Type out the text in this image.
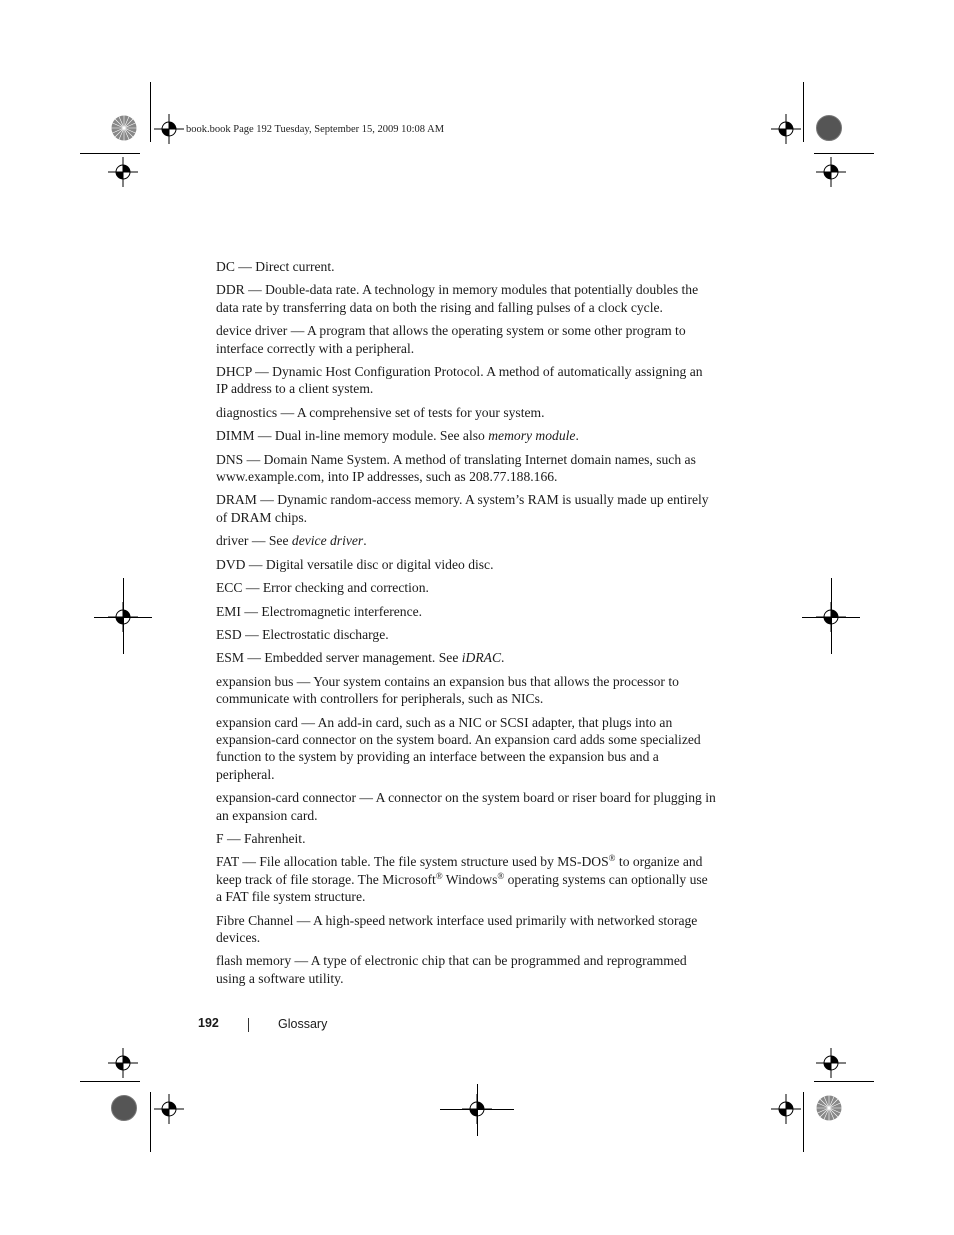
book.book Page 192 Tuesday, September 15, 2009 10:08 AM

DC — Direct current.

DDR — Double-data rate. A technology in memory modules that potentially doubles the data rate by transferring data on both the rising and falling pulses of a clock cycle.

device driver — A program that allows the operating system or some other program to interface correctly with a peripheral.

DHCP — Dynamic Host Configuration Protocol. A method of automatically assigning an IP address to a client system.

diagnostics — A comprehensive set of tests for your system.

DIMM — Dual in-line memory module. See also memory module.

DNS — Domain Name System. A method of translating Internet domain names, such as www.example.com, into IP addresses, such as 208.77.188.166.

DRAM — Dynamic random-access memory. A system’s RAM is usually made up entirely of DRAM chips.

driver — See device driver.

DVD — Digital versatile disc or digital video disc.

ECC — Error checking and correction.

EMI — Electromagnetic interference.

ESD — Electrostatic discharge.

ESM — Embedded server management. See iDRAC.

expansion bus — Your system contains an expansion bus that allows the processor to communicate with controllers for peripherals, such as NICs.

expansion card — An add-in card, such as a NIC or SCSI adapter, that plugs into an expansion-card connector on the system board. An expansion card adds some specialized function to the system by providing an interface between the expansion bus and a peripheral.

expansion-card connector — A connector on the system board or riser board for plugging in an expansion card.

F — Fahrenheit.

FAT — File allocation table. The file system structure used by MS-DOS® to organize and keep track of file storage. The Microsoft® Windows® operating systems can optionally use a FAT file system structure.

Fibre Channel — A high-speed network interface used primarily with networked storage devices.

flash memory — A type of electronic chip that can be programmed and reprogrammed using a software utility.

192	Glossary
